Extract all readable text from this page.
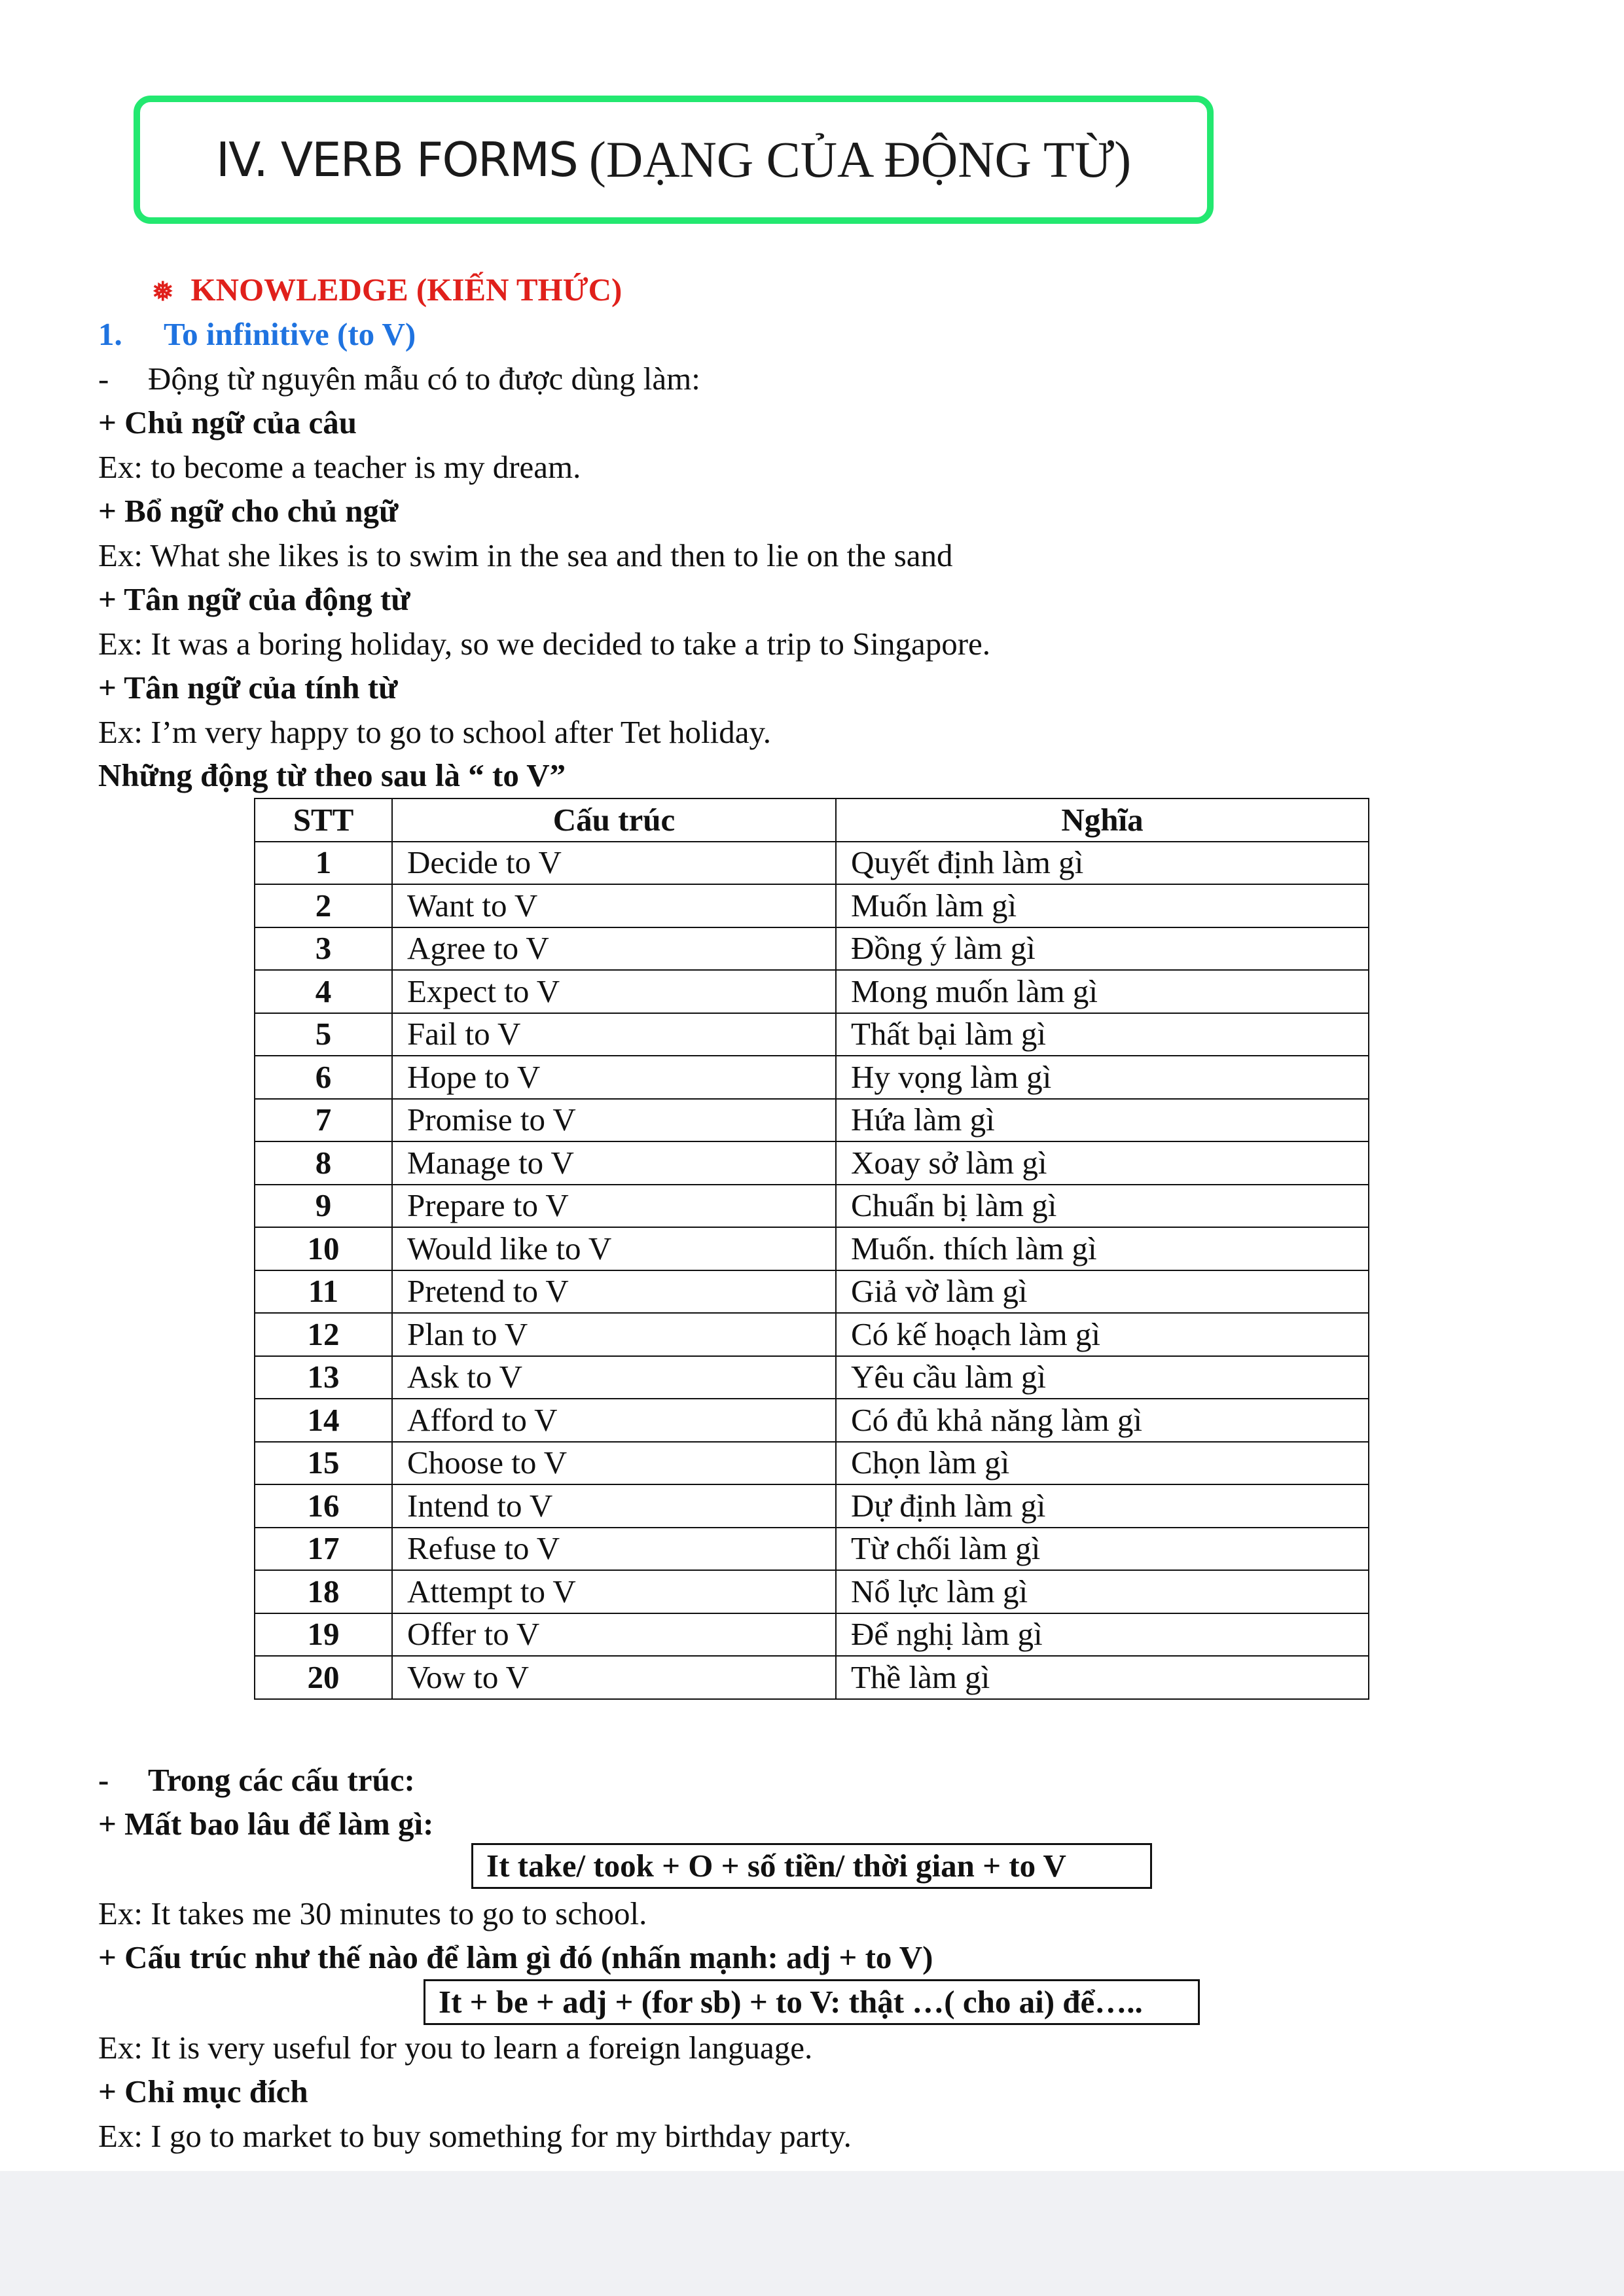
IV. VERB FORMS (DẠNG CỦA ĐỘNG TỪ)
❅ KNOWLEDGE (KIẾN THỨC)
1. To infinitive (to V)
- Động từ nguyên mẫu có to được dùng làm:
+ Chủ ngữ của câu
Ex: to become a teacher is my dream.
+ Bổ ngữ cho chủ ngữ
Ex: What she likes is to swim in the sea and then to lie on the sand
+ Tân ngữ của động từ
Ex: It was a boring holiday, so we decided to take a trip to Singapore.
+ Tân ngữ của tính từ
Ex: I’m very happy to go to school after Tet holiday.
Những động từ theo sau là “ to V”
STT	Cấu trúc	Nghĩa
1	Decide to V	Quyết định làm gì
2	Want to V	Muốn làm gì
3	Agree to V	Đồng ý làm gì
4	Expect to V	Mong muốn làm gì
5	Fail to V	Thất bại làm gì
6	Hope to V	Hy vọng làm gì
7	Promise to V	Hứa làm gì
8	Manage to V	Xoay sở làm gì
9	Prepare to V	Chuẩn bị làm gì
10	Would like to V	Muốn. thích làm gì
11	Pretend to V	Giả vờ làm gì
12	Plan to V	Có kế hoạch làm gì
13	Ask to V	Yêu cầu làm gì
14	Afford to V	Có đủ khả năng làm gì
15	Choose to V	Chọn làm gì
16	Intend to V	Dự định làm gì
17	Refuse to V	Từ chối làm gì
18	Attempt to V	Nổ lực làm gì
19	Offer to V	Để nghị làm gì
20	Vow to V	Thề làm gì
- Trong các cấu trúc:
+ Mất bao lâu để làm gì:
It take/ took + O + số tiền/ thời gian + to V
Ex: It takes me 30 minutes to go to school.
+ Cấu trúc như thế nào để làm gì đó (nhấn mạnh: adj + to V)
It + be + adj + (for sb) + to V: thật …( cho ai) để…..
Ex: It is very useful for you to learn a foreign language.
+ Chỉ mục đích
Ex: I go to market to buy something for my birthday party.
